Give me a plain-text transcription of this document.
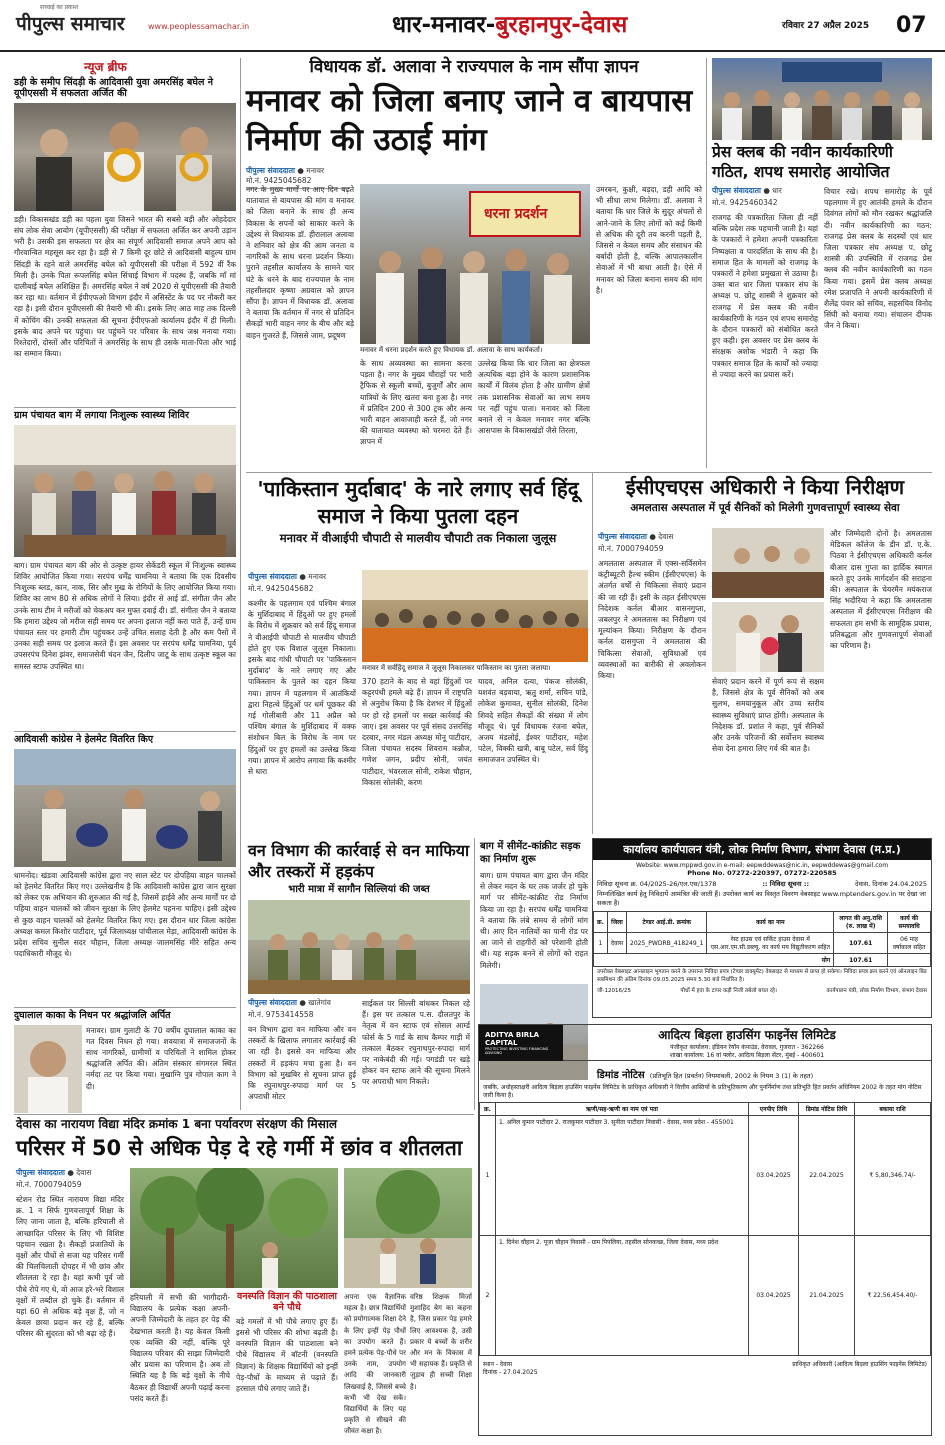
सच्चाई का प्रकाश
पीपुल्स समाचार	www.peoplessamachar.in	धार-मनावर-बुरहानपुर-देवास	रविवार 27 अप्रैल 2025 07
न्यूज ब्रीफ
डही के समीप सिंदड़ी के आदिवासी युवा अमरसिंह बघेल ने यूपीएससी में सफलता अर्जित की
डही। विकासखंड डही का पहला युवा जिसने भारत की सबसे बड़ी और ओहदेदार संघ लोक सेवा आयोग (यूपीएससी) की परीक्षा में सफलता अर्जित कर अपनी उड़ान भरी है। उसकी इस सफलता पर क्षेत्र का संपूर्ण आदिवासी समाज अपने आप को गौरवान्वित महसूस कर रहा है। डही से 7 किमी दूर छोटे से आदिवासी बाहुल्य ग्राम सिंदड़ी के रहने वाले अमरसिंह बघेल को यूपीएससी की परीक्षा में 592 वीं रैंक मिली है। उनके पिता रूपलसिंह बघेल सिंचाई विभाग में पदस्थ हैं, जबकि माँ मां दालीबाई बघेल अशिक्षित हैं। अमरसिंह बघेल ने वर्ष 2020 से यूपीएससी की तैयारी कर रहा था। वर्तमान में ईपीएफओ विभाग इंदौर में असिस्टेंट के पद पर नौकरी कर रहा है। इसी दौरान यूपीएससी की तैयारी भी की। इसके लिए आठ माह तक दिल्ली में कोचिंग की। उनकी सफलता की सूचना ईपीएफओ कार्यालय इंदौर में ही मिली। इसके बाद अपने घर पहुंचा। घर पहुंचने पर परिवार के साथ जश्न मनाया गया। रिश्तेदारों, दोस्तों और परिचितों ने अमरसिंह के साथ ही उसके माता-पिता और भाई का सम्मान किया।
ग्राम पंचायत बाग में लगाया निःशुल्क स्वास्थ्य शिविर
बाग। ग्राम पंचायत बाग की ओर से उत्कृष्ट हायर सेकेंडरी स्कूल में निःशुल्क स्वास्थ्य शिविर आयोजित किया गया। सरपंच धर्मेंद्र चामनिया ने बताया कि एक दिवसीय निःशुल्क ब्लड, कान, नाक, सिर और मुख के रोगियों के लिए आयोजित किया गया। शिविर का लाभ 80 से अधिक लोगों ने लिया। इंदौर से आई डॉ. संगीता जैन और उनके साथ टीम ने मरीजों को चेकअप कर मुफ्त दवाई दी। डॉ. संगीता जैन ने बताया कि हमारा उद्देश्य जो मरीज सही समय पर अपना इलाज नहीं करा पाते हैं, उन्हें ग्राम पंचायत स्तर पर हमारी टीम पहुंचकर उन्हें उचित सलाह देती है और कम पैसों में उनका सही समय पर इलाज करते हैं। इस अवसर पर सरपंच धर्मेंद्र चामनिया, पूर्व उपसरपंच दिनेश झंवर, समाजसेवी चंदन जैन, दिलीप जाटू के साथ उत्कृष्ट स्कूल का समस्त स्टाफ उपस्थित था।
आदिवासी कांग्रेस ने हेलमेट वितरित किए
धामनोद। खंडवा आदिवासी कांग्रेस द्वारा नए साल स्टेट पर दोपहिया वाहन चालकों को हेलमेट वितरित किए गए। उल्लेखनीय है कि आदिवासी कांग्रेस द्वारा जान सुरक्षा को लेकर एक अभियान की शुरुआत की गई है, जिसमें हाईवे और अन्य मार्गों पर दो पहिया वाहन चालकों को जीवन सुरक्षा के लिए हेलमेट पहनना चाहिए। इसी उद्देश्य से कुछ वाहन चालकों को हेलमेट वितरित किए गए। इस दौरान धार जिला कांग्रेस अध्यक्ष कमल किशोर पाटीदार, पूर्व जिलाध्यक्ष पांचीलाल मेड़ा, आदिवासी कांग्रेस के प्रदेश सचिव सुनील सदर चौहान, जिला अध्यक्ष जालमसिंह मीरे सहित अन्य पदाधिकारी मौजूद थे।
दुघालाल काका के निधन पर श्रद्धांजलि अर्पित
मनावर। ग्राम गुलाटी के 70 वर्षीय दुघालाल काका का गत दिवस निधन हो गया। शवयात्रा में समाजजनों के साथ नागरिकों, ग्रामीणों व परिचितों ने शामिल होकर श्रद्धांजलि अर्पित की। अंतिम संस्कार संगमरल स्थित नर्मदा तट पर किया गया। मुखाग्नि पुत्र गोपाल काग ने दी।
विधायक डॉ. अलावा ने राज्यपाल के नाम सौंपा ज्ञापन
मनावर को जिला बनाए जाने व बायपास निर्माण की उठाई मांग
पीपुल्स संवाददाता ● मनावर
मो.नं. 9425045682
नगर के मुख्य मार्गों पर आए दिन बढ़ते यातायात से बायपास की मांग व मनावर को जिला बनाने के साथ ही अन्य विकास के सपनों को साकार करने के उद्देश्य से विधायक डॉ. हीरालाल अलावा ने शनिवार को क्षेत्र की आम जनता व नागरिकों के साथ धरना प्रदर्शन किया। पुराने तहसील कार्यालय के सामने चार घंटे के धरने के बाद राज्यपाल के नाम तहसीलदार कृष्णा अग्रवाल को ज्ञापन सौंपा है। ज्ञापन में विधायक डॉ. अलावा ने बताया कि वर्तमान में नगर से प्रतिदिन सैकड़ों भारी वाहन नगर के बीच और बड़े वाहन गुजरते हैं, जिससे जाम, प्रदूषण
धरना प्रदर्शन
मनावर में धरना प्रदर्शन करते हुए विधायक डॉ. अलावा के साथ कार्यकर्ता।
के साथ अव्यवस्था का सामना करना पड़ता है। नगर के मुख्य चौराहों पर भारी ट्रैफिक से स्कूली बच्चों, बुजुर्गों और आम यात्रियों के लिए खतरा बना हुआ है। नगर में प्रतिदिन 200 से 300 ट्रक और अन्य भारी वाहन आवाजाही करते हैं, जो नगर की यातायात व्यवस्था को चरमरा देते हैं। ज्ञापन में
उल्लेख किया कि धार जिला का क्षेत्रफल अत्यधिक बड़ा होने के कारण प्रशासनिक कार्यों में विलंब होता है और ग्रामीण क्षेत्रों तक प्रशासनिक सेवाओं का लाभ समय पर नहीं पहुंच पाता। मनावर को जिला बनाने से न केवल मनावर नगर बल्कि आसपास के विकासखंडों जैसे तिरला,
उमरबन, कुक्षी, बड़दा, डही आदि को भी सीधा लाभ मिलेगा। डॉ. अलावा ने बताया कि धार जिले के सुदूर अंचलों से आने-जाने के लिए लोगों को कई किमी से अधिक की दूरी तय करनी पड़ती है, जिससे न केवल समय और संसाधन की बर्बादी होती है, बल्कि आपातकालीन सेवाओं में भी बाधा आती है। ऐसे में मनावर को जिला बनाना समय की मांग है।
प्रेस क्लब की नवीन कार्यकारिणी गठित, शपथ समारोह आयोजित
पीपुल्स संवाददाता ● धार
मो.नं. 9425460342
राजगढ़ की पत्रकारिता जिला ही नहीं बल्कि प्रदेश तक पहचानी जाती है। यहां के पत्रकारों ने हमेशा अपनी पत्रकारिता निष्पक्षता व पारदर्शिता के साथ की है। समाज हित के मामलों को राजगढ़ के पत्रकारों ने हमेशा प्रमुखता से उठाया है। उक्त बात धार जिला पत्रकार संघ के अध्यक्ष प. छोटू शास्त्री ने शुक्रवार को राजगढ़ में प्रेस क्लब की नवीन कार्यकारिणी के गठन एवं शपथ समारोह के दौरान पत्रकारों को संबोधित करते हुए कही। इस अवसर पर प्रेस क्लब के संरक्षक अशोक भंडारी ने कहा कि पत्रकार समाज हित के कार्यों को ज्यादा से ज्यादा करने का प्रयास करें।
विचार रखे। शपथ समारोह के पूर्व पहलगाम में हुए आतंकी हमले के दौरान दिवंगत लोगों को मौन रखकर श्रद्धांजलि दी। नवीन कार्यकारिणी का गठन: राजगढ़ प्रेस क्लब के सदस्यों एवं धार जिला पत्रकार संघ अध्यक्ष प. छोटू शास्त्री की उपस्थिति में राजगढ़ प्रेस क्लब की नवीन कार्यकारिणी का गठन किया गया। इसमें प्रेस क्लब अध्यक्ष रमेश प्रजापति ने अपनी कार्यकारिणी में शैलेंद्र पंवार को सचिव, सहसचिव विनोद सिंघी को बनाया गया। संचालन दीपक जैन ने किया।
'पाकिस्तान मुर्दाबाद' के नारे लगाए सर्व हिंदू समाज ने किया पुतला दहन
मनावर में वीआईपी चौपाटी से मालवीय चौपाटी तक निकाला जुलूस
पीपुल्स संवाददाता ● मनावर
मो.नं. 9425045682
कश्मीर के पहलगाम एवं पश्चिम बंगाल के मुर्शिदाबाद में हिंदुओं पर हुए हमलों के विरोध में शुक्रवार को सर्व हिंदू समाज ने वीआईपी चौपाटी से मालवीय चौपाटी होते हुए एक विशाल जुलूस निकाला। इसके बाद गांधी चौपाटी पर 'पाकिस्तान मुर्दाबाद' के नारे लगाए गए और पाकिस्तान के पुतले का दहन किया गया। ज्ञापन में पहलगाम में आतंकियों द्वारा निहत्थे हिंदुओं पर धर्म पूछकर की गई गोलीबारी और 11 अप्रैल को पश्चिम बंगाल के मुर्शिदाबाद में वक्फ संशोधन बिल के विरोध के नाम पर हिंदुओं पर हुए हमलों का उल्लेख किया गया। ज्ञापन में आरोप लगाया कि कश्मीर से धारा
मनावर में सर्वहिंदू समाज ने जुलूस निकालकर पाकिस्तान का पुतला जलाया।
370 हटाने के बाद से वहां हिंदुओं पर कट्टरपंथी हमले बढ़े हैं। ज्ञापन में राष्ट्रपति से अनुरोध किया है कि देशभर में हिंदुओं पर हो रहे हमलों पर सख्त कार्रवाई की जाए। इस अवसर पर पूर्व संसद उत्तरसिंह दरबार, नगर मंडल अध्यक्ष मोनू पाटीदार, जिला पंचायत सदस्य शिवराम कन्नौज, गणेश जगन, प्रदीप सोनी, जयंत पाटीदार, भंवरलाल सोनी, राकेश चौहान, विकास सोलंकी, करण
यादव, अनिल दत्या, पंकज सोलंकी, यशवंत बड़वाया, ऋतु शर्मा, सचिन पांडे, लोकेश कुमावत, सुनील सोलंकी, दिनेश शिवदे सहित सैकड़ों की संख्या में लोग मौजूद थे। पूर्व विधायक रंजना बघेल, अजय मंडलोई, ईश्वर पाटीदार, महेश पटेल, विक्की खत्री, बाबू पटेल, सर्व हिंदू समाजजन उपस्थित थे।
ईसीएचएस अधिकारी ने किया निरीक्षण
अमलतास अस्पताल में पूर्व सैनिकों को मिलेगी गुणवत्तापूर्ण स्वास्थ्य सेवा
पीपुल्स संवाददाता ● देवास
मो.नं. 7000794059
अमलतास अस्पताल में एक्स-सर्विसमेन कंट्रीब्यूटरी हैल्थ स्कीम (ईसीएचएस) के अंतर्गत वर्षों से चिकित्सा सेवाएं प्रदान की जा रही हैं। इसी के तहत ईसीएचएस निदेशक कर्नल बीआर वासनगुप्ता, जबलपुर ने अमलतास का निरीक्षण एवं मूल्यांकन किया। निरीक्षण के दौरान कर्नल दासगुप्ता ने अमलतास की चिकित्सा सेवाओं, सुविधाओं एवं व्यवस्थाओं का बारीकी से अवलोकन किया।
सेवाएं प्रदान करने में पूर्ण रूप से सक्षम है, जिससे क्षेत्र के पूर्व सैनिकों को अब सुलभ, समयानुकूल और उच्च स्तरीय स्वास्थ्य सुविधाएं प्राप्त होंगी। अस्पताल के निदेशक डॉ. प्रशांत ने कहा, पूर्व सैनिकों और उनके परिजनों की सर्वोत्तम स्वास्थ्य सेवा देना हमारा लिए गर्व की बात है।
और जिम्मेदारी दोनों है। अमलतास मेडिकल कॉलेज के डीन डॉ. ए.के. पिठवा ने ईसीएचएस अधिकारी कर्नल बीआर दास गुप्ता का हार्दिक स्वागत करते हुए उनके मार्गदर्शन की सराहना की। अस्पताल के चेयरमैन मयंकराज सिंह भदौरिया ने कहा कि अमलतास अस्पताल में ईसीएचएस निरीक्षण की सफलता हम सभी के सामूहिक प्रयास, प्रतिबद्धता और गुणवत्तापूर्ण सेवाओं का परिणाम है।
कार्यालय कार्यपालन यंत्री, लोक निर्माण विभाग, संभाग देवास (म.प्र.)
Website: www.mppwd.gov.in e-mail: eepwddewas@nic.in, eepwddewas@gmail.com
Phone No. 07272-220397, 07272-220585
निविदा सूचना क्र. 04/2025-26/एल.एस/1378	:: निविदा सूचना ::	देवास, दिनांक 24.04.2025
निम्नलिखित कार्य हेतु निविदायें आमंत्रित की जाती हैं। उपरोक्त कार्य का विस्तृत विवरण वेबसाइट www.mptenders.gov.in पर देखा जा सकता है।
क्र.	जिला	टेण्डर आई.डी. क्रमांक	कार्य का नाम	लागत की अनु.राशि (रु. लाख में)	कार्य की समयावधि
1	देवास	2025_PWDRB_418249_1	रेस्ट हाउस एवं सर्किट हाउस देवास में एस.आर.एम.सी.डब्ल्यू. का कार्य मय विद्युतीकरण सहित	107.61	06 माह वर्षाकाल सहित
योग				107.61	
उपरोक्त वेबसाइट आनलाइन भुगतान करने के उपरान्त निविदा प्रपत्र (टेण्डर डाक्यूमेंट) वेबसाइट से माध्यम से प्राप्त हो सकेगा। निविदा प्रपत्र क्रय करने एवं ऑनलाइन बिड सबमिशन की अंतिम दिनांक 09.05.2025 समय 5.30 बजे निर्धारित है।
जी-12016/25	पौधों में हवा के टापर कड़ी निजी तबेलो बचत रहे।	कार्यपालन यंत्री, लोक निर्माण विभाग, संभाग देवास
वन विभाग की कार्रवाई से वन माफिया और तस्करों में हड़कंप
भारी मात्रा में सागौन सिल्लियां की जब्त
पीपुल्स संवाददाता ● खातेगांव
मो.नं. 9753414558
वन विभाग द्वारा वन माफिया और वन तस्करों के खिलाफ लगातार कार्रवाई की जा रही है। इससे वन माफिया और तस्करों में हड़कंप मचा हुआ है। वन विभाग को मुखबिर से सूचना प्राप्त हुई कि रघुनाथपुर-रुपादा मार्ग पर 5 अपराधी मोटर
साईकल पर सिल्ली बांधकर निकल रहे हैं। इस पर तत्काल प.स. दौलतपुर के नेतृत्व में वन स्टाफ एवं सोसल आर्म्ड फोर्स के 5 गार्ड के साथ कैम्पर गाड़ी में तत्काल बैठकर रघुनाथपुर-रुपादा मार्ग पर नाकेबंदी की गई। पगडंडी पर खड़े होकर वन स्टाफ आने की सूचना मिलने पर अपराधी भाग निकले।
बाग में सीमेंट-कांक्रीट सड़क का निर्माण शुरू
बाग। ग्राम पंचायत बाग द्वारा जैन मंदिर से लेकर मदन के घर तक जर्जर हो चुके मार्ग पर सीमेंट-कांक्रीट रोड निर्माण किया जा रहा है। सरपंच धर्मेंद्र चामनिया ने बताया कि लंबे समय से लोगों मांग थी। आए दिन नालियों का पानी रोड पर आ जाने से राहगीरों को परेशानी होती थी। यह सड़क बनने से लोगों को राहत मिलेगी।
ADITYA BIRLA CAPITAL
PROTECTING INVESTING FINANCING ADVISING
आदित्य बिड़ला हाउसिंग फाइनेंस लिमिटेड
पंजीकृत कार्यालय: इंडियन रेयॉन कंपाउंड, वेरावल, गुजरात - 362266
शाखा कार्यालय: 16 वां फ्लोर, आदित्य बिड़ला सेंटर, मुंबई - 400601
डिमांड नोटिस (प्रतिभूति हित (प्रवर्तन) नियमावली, 2002 के नियम 3 (1) के तहत)
जबकि, अधोहस्ताक्षरी आदित्य बिड़ला हाउसिंग फाइनेंस लिमिटेड के प्राधिकृत अधिकारी ने वित्तीय आस्तियों के प्रतिभूतिकरण और पुनर्निर्माण तथा प्रतिभूति हित प्रवर्तन अधिनियम 2002 के तहत मांग नोटिस जारी किया है।
क्र.	ऋणी/सह-ऋणी का नाम एवं पता	एनपीए तिथि	डिमांड नोटिस तिथि	बकाया राशि
1	1. अनिल कुमार पाटीदार 2. राजकुमार पाटीदार 3. सुनीता पाटीदार निवासी - देवास, मध्य प्रदेश - 455001	03.04.2025	22.04.2025	₹ 5,80,346.74/-
2	1. दिनेश चौहान 2. पूजा चौहान निवासी - ग्राम पिपलिया, तहसील सोनकच्छ, जिला देवास, मध्य प्रदेश	03.04.2025	21.04.2025	₹ 22,56,454.40/-
स्थान - देवास
दिनांक - 27.04.2025
प्राधिकृत अधिकारी (आदित्य बिड़ला हाउसिंग फाइनेंस लिमिटेड)
देवास का नारायण विद्या मंदिर क्रमांक 1 बना पर्यावरण संरक्षण की मिसाल
परिसर में 50 से अधिक पेड़ दे रहे गर्मी में छांव व शीतलता
पीपुल्स संवाददाता ● देवास
मो.नं. 7000794059
स्टेशन रोड स्थित नारायण विद्या मंदिर क्र. 1 न सिर्फ गुणवत्तापूर्ण शिक्षा के लिए जाना जाता है, बल्कि हरियाली से आच्छादित परिसर के लिए भी विशिष्ट पहचान रखता है। सैकड़ों प्रजातियों के वृक्षों और पौधों से सजा यह परिसर गर्मी की चिलचिलाती दोपहर में भी छांव और शीतलता दे रहा है। यहां कभी पूर्व जो पौधे रोपे गए थे, वो आज हरे-भरे विशाल वृक्षों में तब्दील हो चुके हैं। वर्तमान में यहां 60 से अधिक बड़े वृक्ष हैं, जो न केवल छाया प्रदान कर रहे हैं, बल्कि परिसर की सुंदरता को भी बढ़ा रहे हैं।
हरियाली में सभी की भागीदारी- विद्यालय के प्रत्येक कक्षा अपनी-अपनी जिम्मेदारी के तहत हर पेड़ की देखभाल करती है। यह केवल किसी एक व्यक्ति की नहीं, बल्कि पूरे विद्यालय परिवार की साझा जिम्मेदारी और प्रयास का परिणाम है। अब तो स्थिति यह है कि बड़े वृक्षों के नीचे बैठकर ही विद्यार्थी अपनी पढ़ाई करना पसंद करते हैं।
वनस्पति विज्ञान की पाठशाला बने पौधे
बड़े गमलों में भी पौधे लगाए हुए हैं। इससे भी परिसर की शोभा बढ़ती है। वनस्पति विज्ञान की पाठशाला बने पौधे विद्यालय में बॉटनी (वनस्पति विज्ञान) के शिक्षक विद्यार्थियों को इन्हीं पेड़-पौधों के माध्यम से पढ़ाते हैं। हरसाल पौधे लगाए जाते हैं।
अपना एक वैज्ञानिक महत्व है। छात्र विद्यार्थियों को प्रयोगात्मक शिक्षा देने के लिए इन्हीं पेड़ पौधों का उपयोग करते हैं। हमने प्रत्येक पेड़-पौधे पर उनके नाम, उपयोग आदि की जानकारी लिखवाई है, जिससे बच्चे कभी भी देख सकें। विद्यार्थियों के लिए यह प्रकृति से सीखने की जीवंत कक्षा है।
वरिष्ठ शिक्षक मिर्जा मुशाहिद बेग का कहना है, जिस प्रकार पेड़ हमारे लिए आवश्यक है, उसी प्रकार ये बच्चों के शरीर और मन के विकास में भी सहायक हैं। प्रकृति से जुड़ाव ही सच्ची शिक्षा है।
